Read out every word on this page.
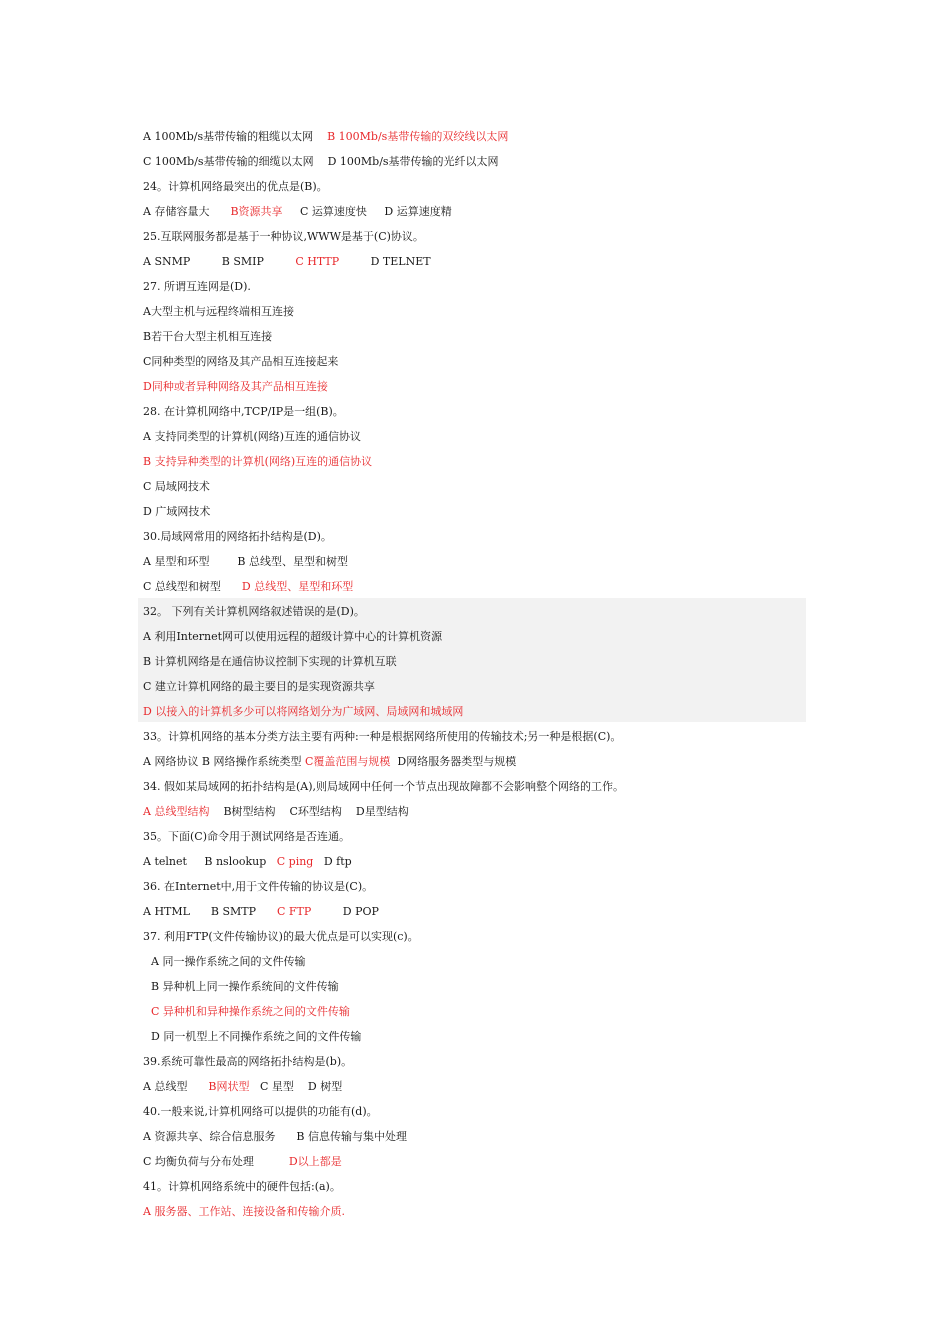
A 100Mb/s基带传输的粗缆以太网 B 100Mb/s基带传输的双绞线以太网
C 100Mb/s基带传输的细缆以太网 D 100Mb/s基带传输的光纤以太网
24。计算机网络最突出的优点是(B)。
A 存储容量大 B资源共享     C 运算速度快     D 运算速度精
25.互联网服务都是基于一种协议,WWW是基于(C)协议。
A SNMP         B SMIP         C HTTP         D TELNET
27. 所谓互连网是(D).
A大型主机与远程终端相互连接
B若干台大型主机相互连接
C同种类型的网络及其产品相互连接起来
D同种或者异种网络及其产品相互连接
28. 在计算机网络中,TCP/IP是一组(B)。
A 支持同类型的计算机(网络)互连的通信协议
B 支持异种类型的计算机(网络)互连的通信协议
C 局域网技术
D 广域网技术
30.局域网常用的网络拓扑结构是(D)。
A 星型和环型        B 总线型、星型和树型
C 总线型和树型      D 总线型、星型和环型
32。 下列有关计算机网络叙述错误的是(D)。
A 利用Internet网可以使用远程的超级计算中心的计算机资源
B 计算机网络是在通信协议控制下实现的计算机互联
C 建立计算机网络的最主要目的是实现资源共享
D 以接入的计算机多少可以将网络划分为广域网、局域网和城域网
33。计算机网络的基本分类方法主要有两种:一种是根据网络所使用的传输技术;另一种是根据(C)。
A 网络协议 B 网络操作系统类型 C覆盖范围与规模  D网络服务器类型与规模
34. 假如某局域网的拓扑结构是(A),则局域网中任何一个节点出现故障都不会影响整个网络的工作。
A 总线型结构    B树型结构    C环型结构    D星型结构
35。下面(C)命令用于测试网络是否连通。
A telnet     B nslookup   C ping   D ftp
36. 在Internet中,用于文件传输的协议是(C)。
A HTML      B SMTP      C FTP         D POP
37. 利用FTP(文件传输协议)的最大优点是可以实现(c)。
A 同一操作系统之间的文件传输
B 异种机上同一操作系统间的文件传输
C 异种机和异种操作系统之间的文件传输
D 同一机型上不同操作系统之间的文件传输
39.系统可靠性最高的网络拓扑结构是(b)。
A 总线型      B网状型   C 星型    D 树型
40.一般来说,计算机网络可以提供的功能有(d)。
A 资源共享、综合信息服务      B 信息传输与集中处理
C 均衡负荷与分布处理          D以上都是
41。计算机网络系统中的硬件包括:(a)。
A 服务器、工作站、连接设备和传输介质.
